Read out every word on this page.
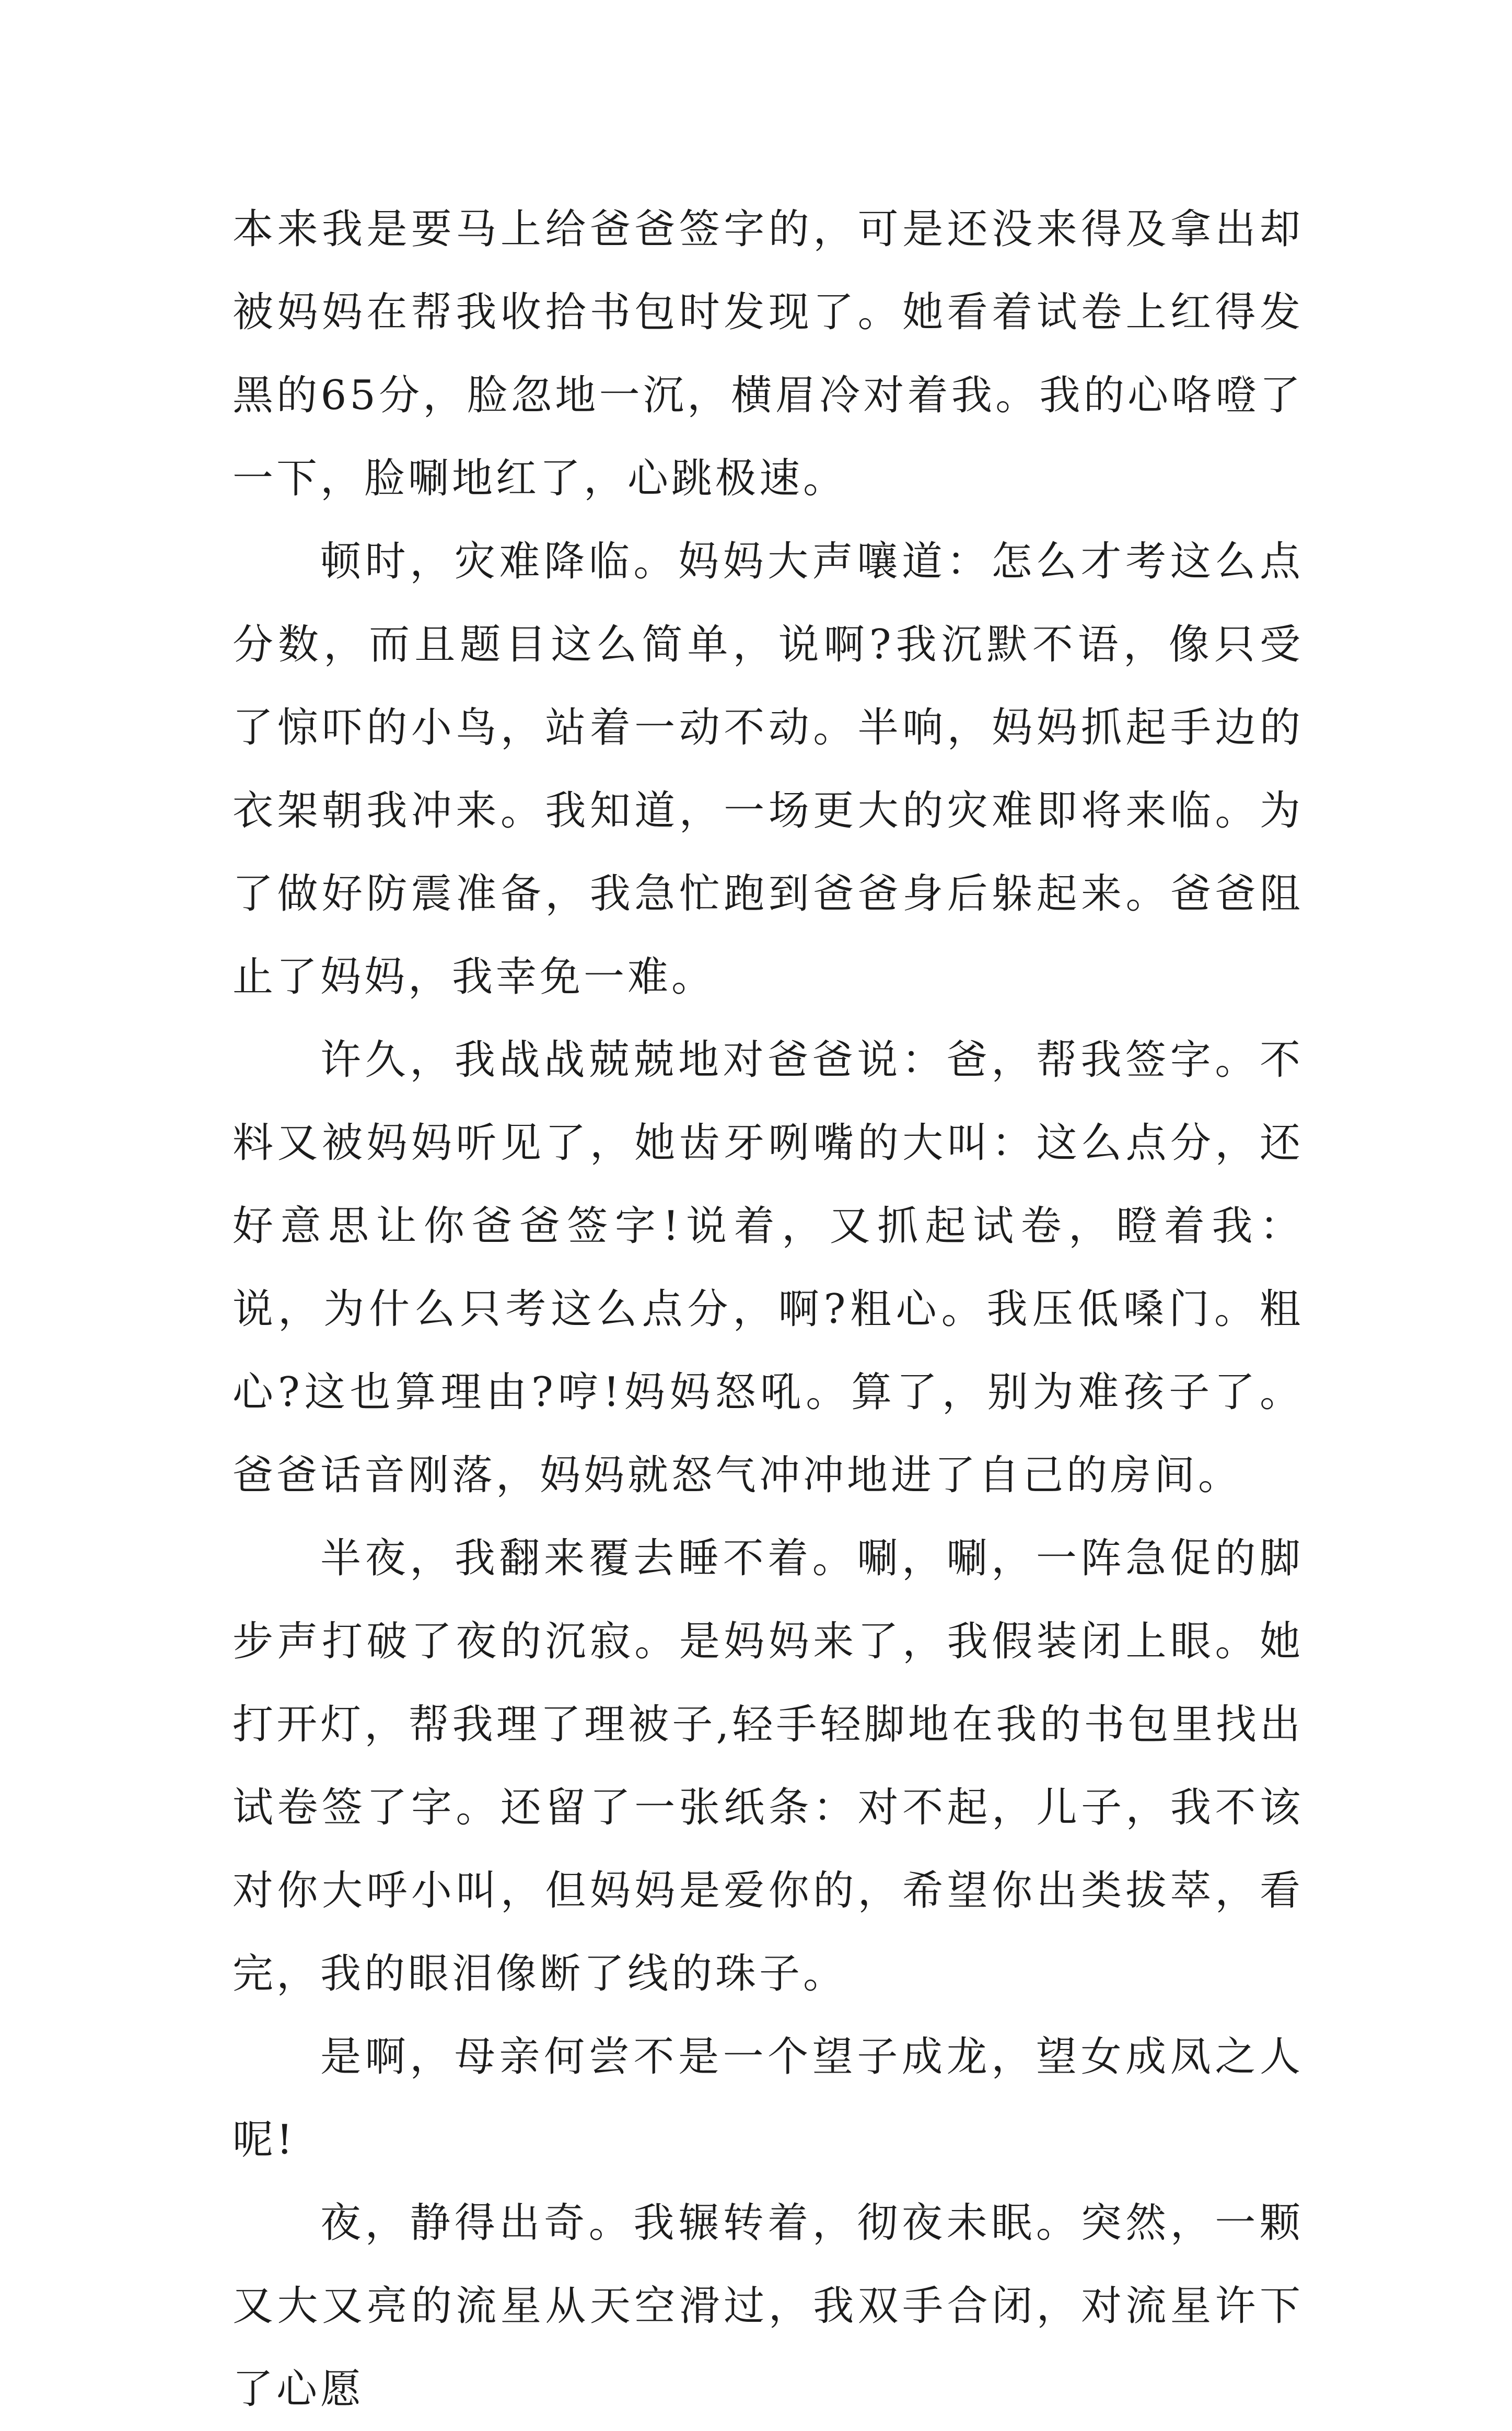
本来我是要马上给爸爸签字的，可是还没来得及拿出却被妈妈在帮我收拾书包时发现了。她看着试卷上红得发黑的65分，脸忽地一沉，横眉冷对着我。我的心咯噔了一下，脸唰地红了，心跳极速。

顿时，灾难降临。妈妈大声嚷道：怎么才考这么点分数，而且题目这么简单，说啊?我沉默不语，像只受了惊吓的小鸟，站着一动不动。半响，妈妈抓起手边的衣架朝我冲来。我知道，一场更大的灾难即将来临。为了做好防震准备，我急忙跑到爸爸身后躲起来。爸爸阻止了妈妈，我幸免一难。

许久，我战战兢兢地对爸爸说：爸，帮我签字。不料又被妈妈听见了，她齿牙咧嘴的大叫：这么点分，还好意思让你爸爸签字!说着，又抓起试卷，瞪着我：说，为什么只考这么点分，啊?粗心。我压低嗓门。粗心?这也算理由?哼!妈妈怒吼。算了，别为难孩子了。爸爸话音刚落，妈妈就怒气冲冲地进了自己的房间。

半夜，我翻来覆去睡不着。唰，唰，一阵急促的脚步声打破了夜的沉寂。是妈妈来了，我假装闭上眼。她打开灯，帮我理了理被子,轻手轻脚地在我的书包里找出试卷签了字。还留了一张纸条：对不起，儿子，我不该对你大呼小叫，但妈妈是爱你的，希望你出类拔萃，看完，我的眼泪像断了线的珠子。

是啊，母亲何尝不是一个望子成龙，望女成凤之人呢!

夜，静得出奇。我辗转着，彻夜未眠。突然，一颗又大又亮的流星从天空滑过，我双手合闭，对流星许下了心愿
